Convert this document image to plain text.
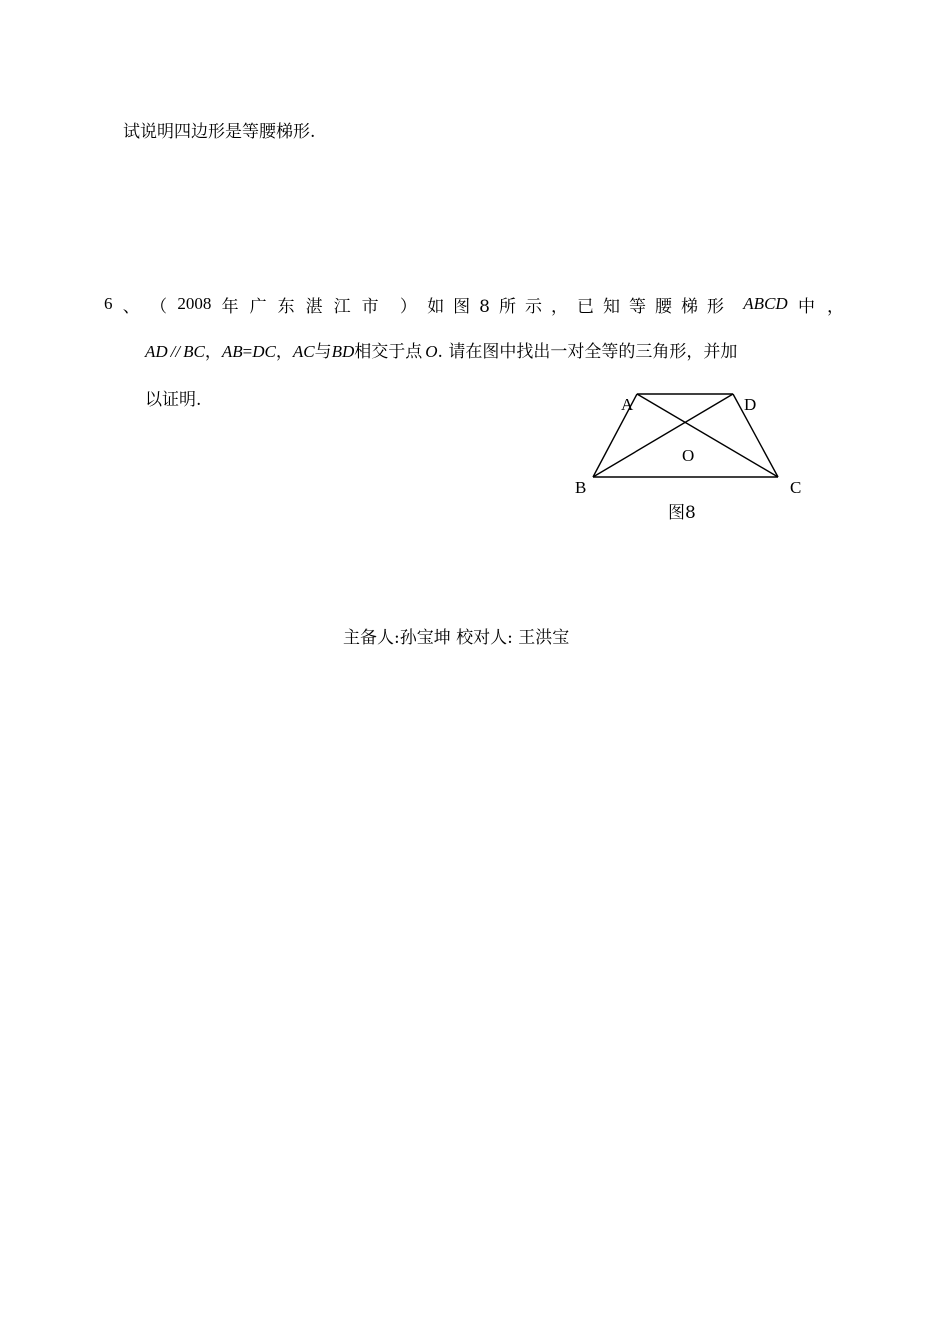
试说明四边形是等腰梯形.
6 、 （ 2008 年广东湛江市 ） 如图8所示，已知等腰梯形 ABCD 中，
AD // BC，AB=DC，AC与BD相交于点 O. 请在图中找出一对全等的三角形，并加
以证明.	A	D
O
B	C
图8
主备人:孙宝坤 校对人: 王洪宝
